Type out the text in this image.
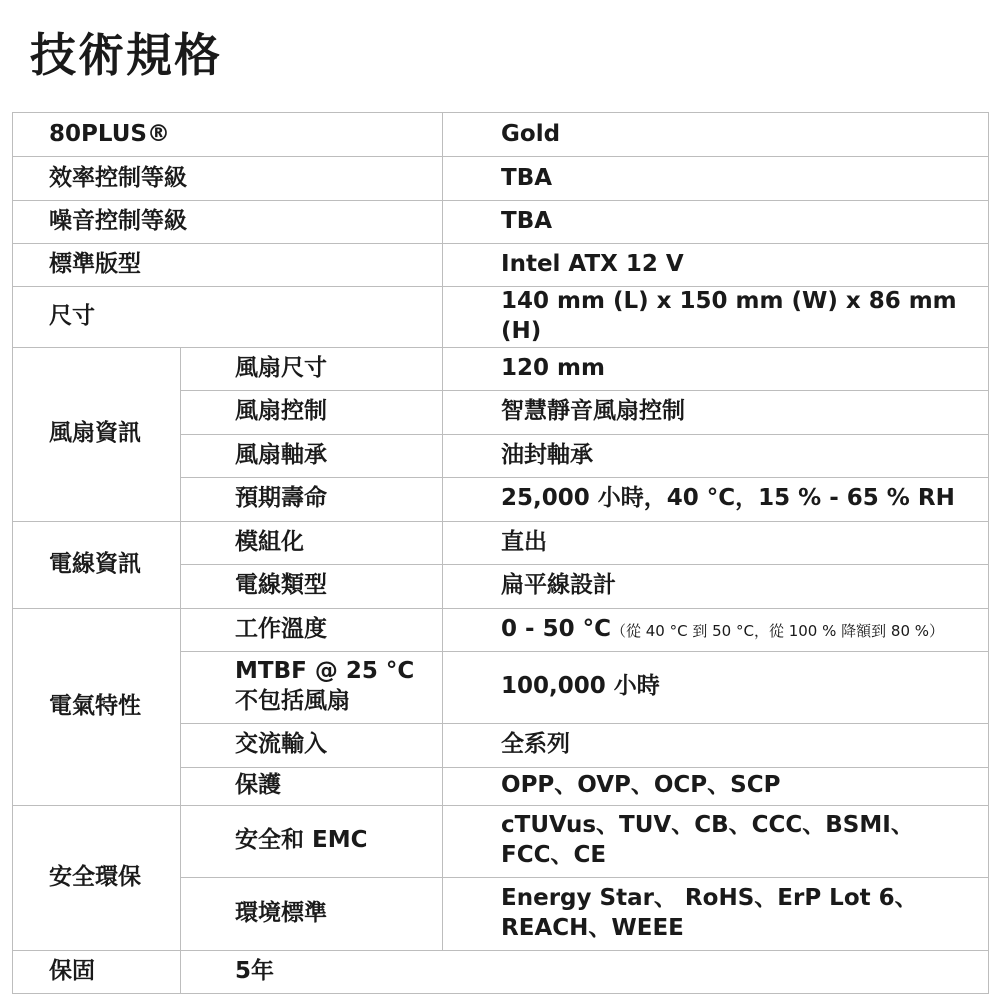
技術規格
80PLUS®		Gold
效率控制等級		TBA
噪音控制等級		TBA
標準版型		Intel ATX 12 V
尺寸		140 mm (L) x 150 mm (W) x 86 mm (H)
風扇資訊	風扇尺寸	120 mm
	風扇控制	智慧靜音風扇控制
	風扇軸承	油封軸承
	預期壽命	25,000 小時，40 °C，15 % - 65 % RH
電線資訊	模組化	直出
	電線類型	扁平線設計
電氣特性	工作溫度	0 - 50 °C（從 40 °C 到 50 °C，從 100 % 降額到 80 %）

	MTBF @ 25 °C
不包括風扇	100,000 小時
	交流輸入	全系列
	保護	OPP、OVP、OCP、SCP
安全環保	安全和 EMC	cTUVus、TUV、CB、CCC、BSMI、
FCC、CE

	環境標準	Energy Star、 RoHS、ErP Lot 6、
REACH、WEEE

保固	5年	
